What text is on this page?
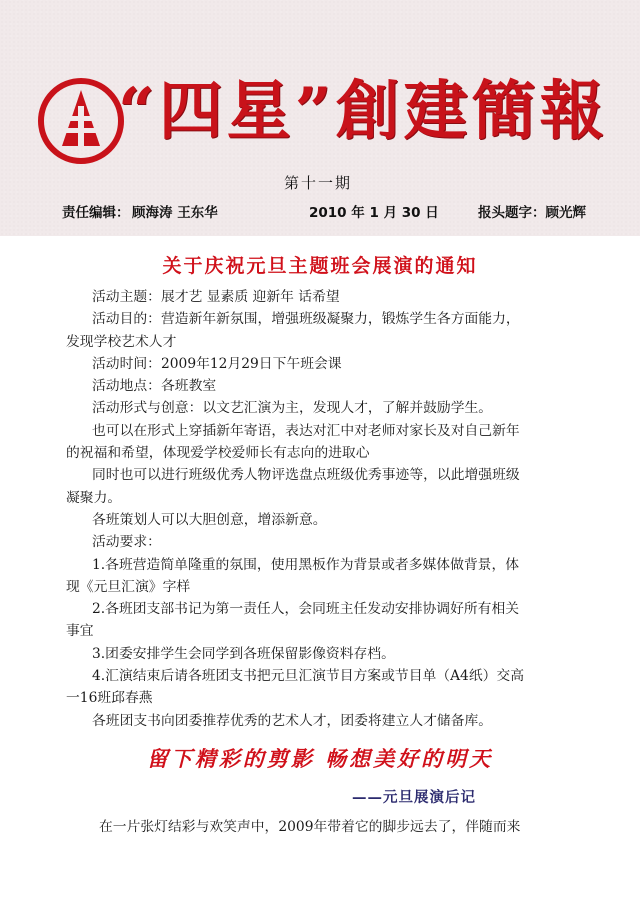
“四星”創建簡報
第十一期
责任编辑： 顾海涛 王东华	2010 年 1 月 30 日	报头题字：顾光辉
关于庆祝元旦主题班会展演的通知

活动主题：展才艺 显素质 迎新年 话希望

活动目的：营造新年新氛围，增强班级凝聚力，锻炼学生各方面能力，

发现学校艺术人才

活动时间：2009年12月29日下午班会课

活动地点：各班教室

活动形式与创意：以文艺汇演为主，发现人才，了解并鼓励学生。

也可以在形式上穿插新年寄语，表达对汇中对老师对家长及对自己新年

的祝福和希望，体现爱学校爱师长有志向的进取心

同时也可以进行班级优秀人物评选盘点班级优秀事迹等，以此增强班级

凝聚力。

各班策划人可以大胆创意，增添新意。

活动要求：

1.各班营造简单隆重的氛围，使用黑板作为背景或者多媒体做背景，体

现《元旦汇演》字样

2.各班团支部书记为第一责任人，会同班主任发动安排协调好所有相关

事宜

3.团委安排学生会同学到各班保留影像资料存档。

4.汇演结束后请各班团支书把元旦汇演节目方案或节目单（A4纸）交高

一16班邱春燕

各班团支书向团委推荐优秀的艺术人才，团委将建立人才储备库。

留下精彩的剪影 畅想美好的明天
——元旦展演后记
在一片张灯结彩与欢笑声中，2009年带着它的脚步远去了，伴随而来
